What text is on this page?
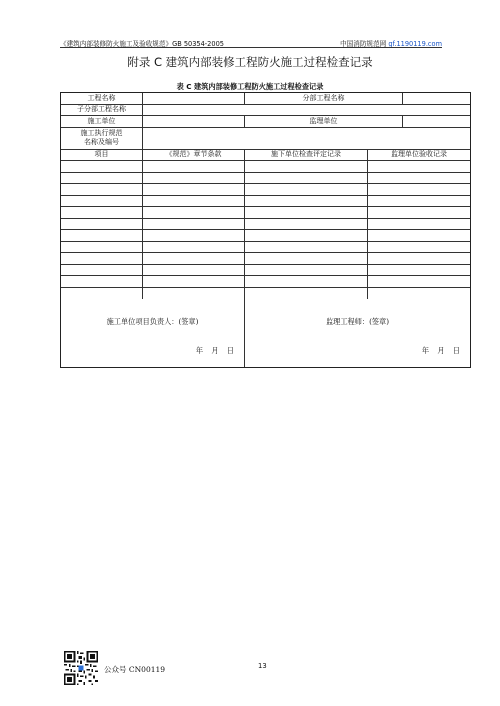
《建筑内部装修防火施工及验收规范》GB 50354-2005	中国消防规范网 gf.1190119.com
附录 C 建筑内部装修工程防火施工过程检查记录
表 C 建筑内部装修工程防火施工过程检查记录
工程名称	分部工程名称
子分部工程名称
施工单位	监理单位
施工执行规范
名称及编号
项目	《规范》章节条款	施下单位检查评定记录	监理单位验收记录
施工单位项目负责人：(签章)
年 月 日
监理工程师：(签章)
年 月 日
公众号 CN00119	13
